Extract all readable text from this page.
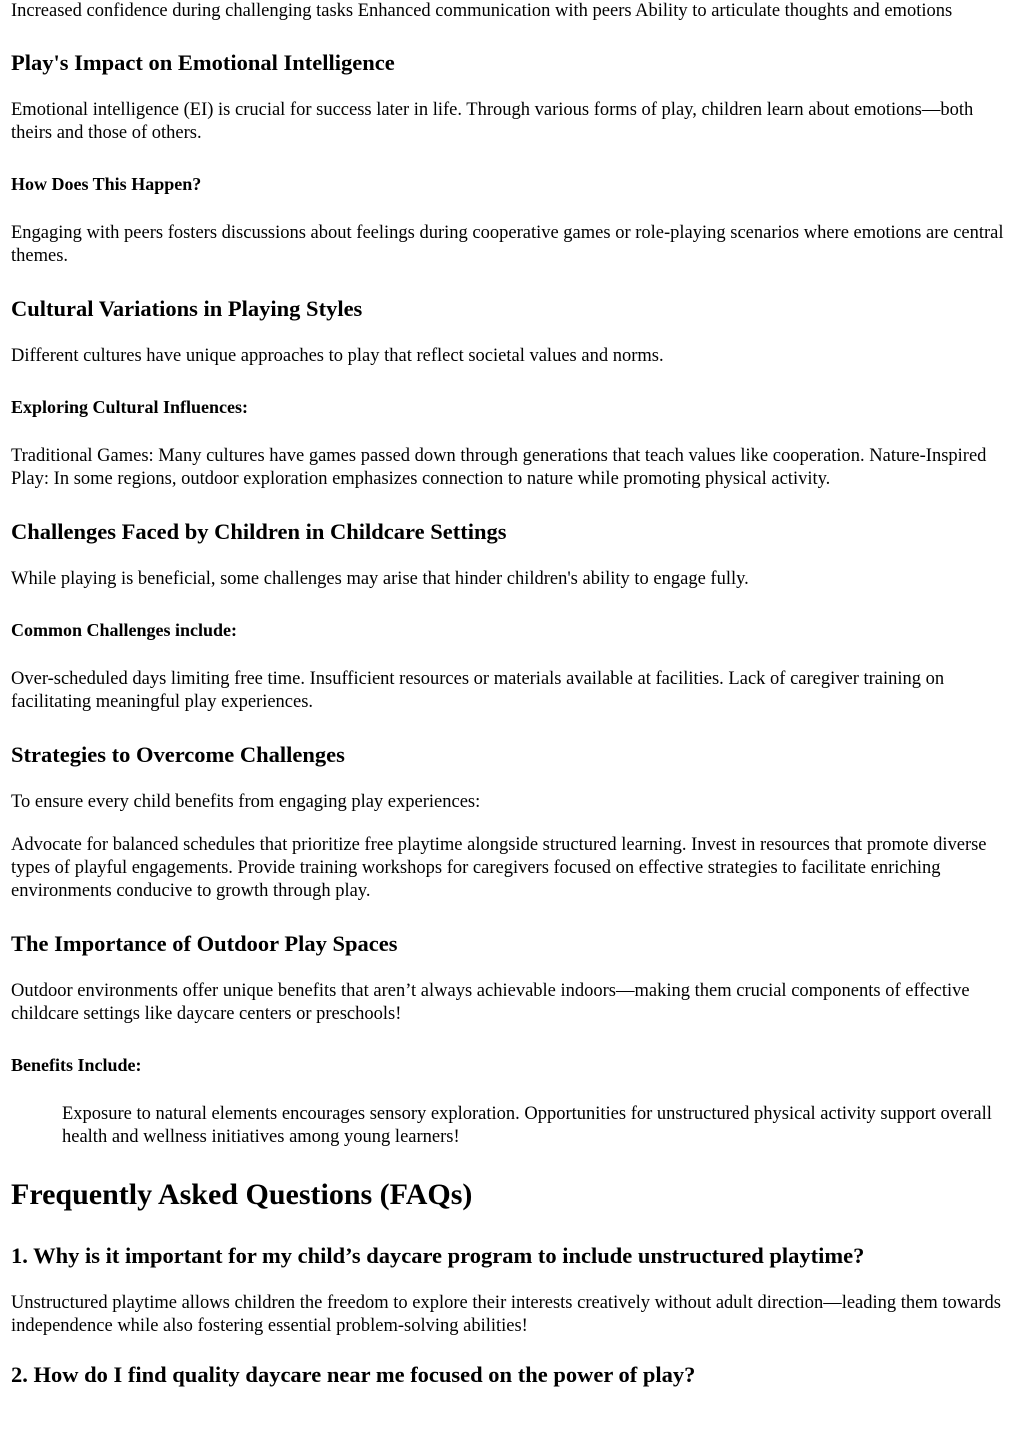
Increased confidence during challenging tasks Enhanced communication with peers Ability to articulate thoughts and emotions

Play's Impact on Emotional Intelligence

Emotional intelligence (EI) is crucial for success later in life. Through various forms of play, children learn about emotions—both theirs and those of others.

How Does This Happen?

Engaging with peers fosters discussions about feelings during cooperative games or role-playing scenarios where emotions are central themes.

Cultural Variations in Playing Styles

Different cultures have unique approaches to play that reflect societal values and norms.

Exploring Cultural Influences:

Traditional Games: Many cultures have games passed down through generations that teach values like cooperation. Nature-Inspired Play: In some regions, outdoor exploration emphasizes connection to nature while promoting physical activity.

Challenges Faced by Children in Childcare Settings

While playing is beneficial, some challenges may arise that hinder children's ability to engage fully.

Common Challenges include:

Over-scheduled days limiting free time. Insufficient resources or materials available at facilities. Lack of caregiver training on facilitating meaningful play experiences.

Strategies to Overcome Challenges

To ensure every child benefits from engaging play experiences:

Advocate for balanced schedules that prioritize free playtime alongside structured learning. Invest in resources that promote diverse types of playful engagements. Provide training workshops for caregivers focused on effective strategies to facilitate enriching environments conducive to growth through play.

The Importance of Outdoor Play Spaces

Outdoor environments offer unique benefits that aren’t always achievable indoors—making them crucial components of effective childcare settings like daycare centers or preschools!

Benefits Include:

Exposure to natural elements encourages sensory exploration. Opportunities for unstructured physical activity support overall health and wellness initiatives among young learners!

Frequently Asked Questions (FAQs)
1. Why is it important for my child’s daycare program to include unstructured playtime?

Unstructured playtime allows children the freedom to explore their interests creatively without adult direction—leading them towards independence while also fostering essential problem-solving abilities!

2. How do I find quality daycare near me focused on the power of play?
